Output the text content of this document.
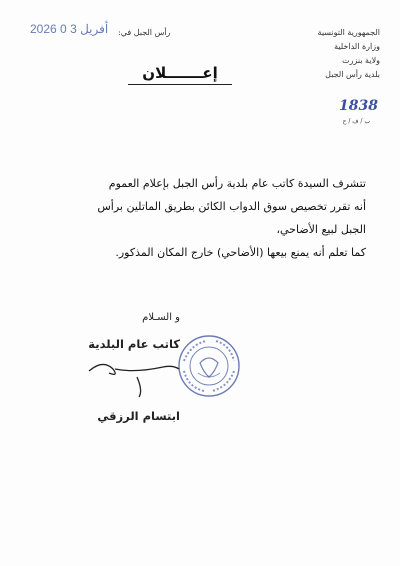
2026 أفريل 3 0 رأس الجبل في:	الجمهورية التونسية
وزارة الداخلية
ولاية بنزرت
بلدية رأس الجبل
إعـــــــلان
1838
ب / ف / ح

تتشرف السيدة كاتب عام بلدية رأس الجبل بإعلام العموم

أنه تقرر تخصيص سوق الدواب الكائن بطريق الماتلين برأس

الجبل لبيع الأضاحي،

كما تعلم أنه يمنع بيعها (الأضاحي) خارج المكان المذكور.

و السـلام
كاتب عام البلدية
ابتسام الرزقي
